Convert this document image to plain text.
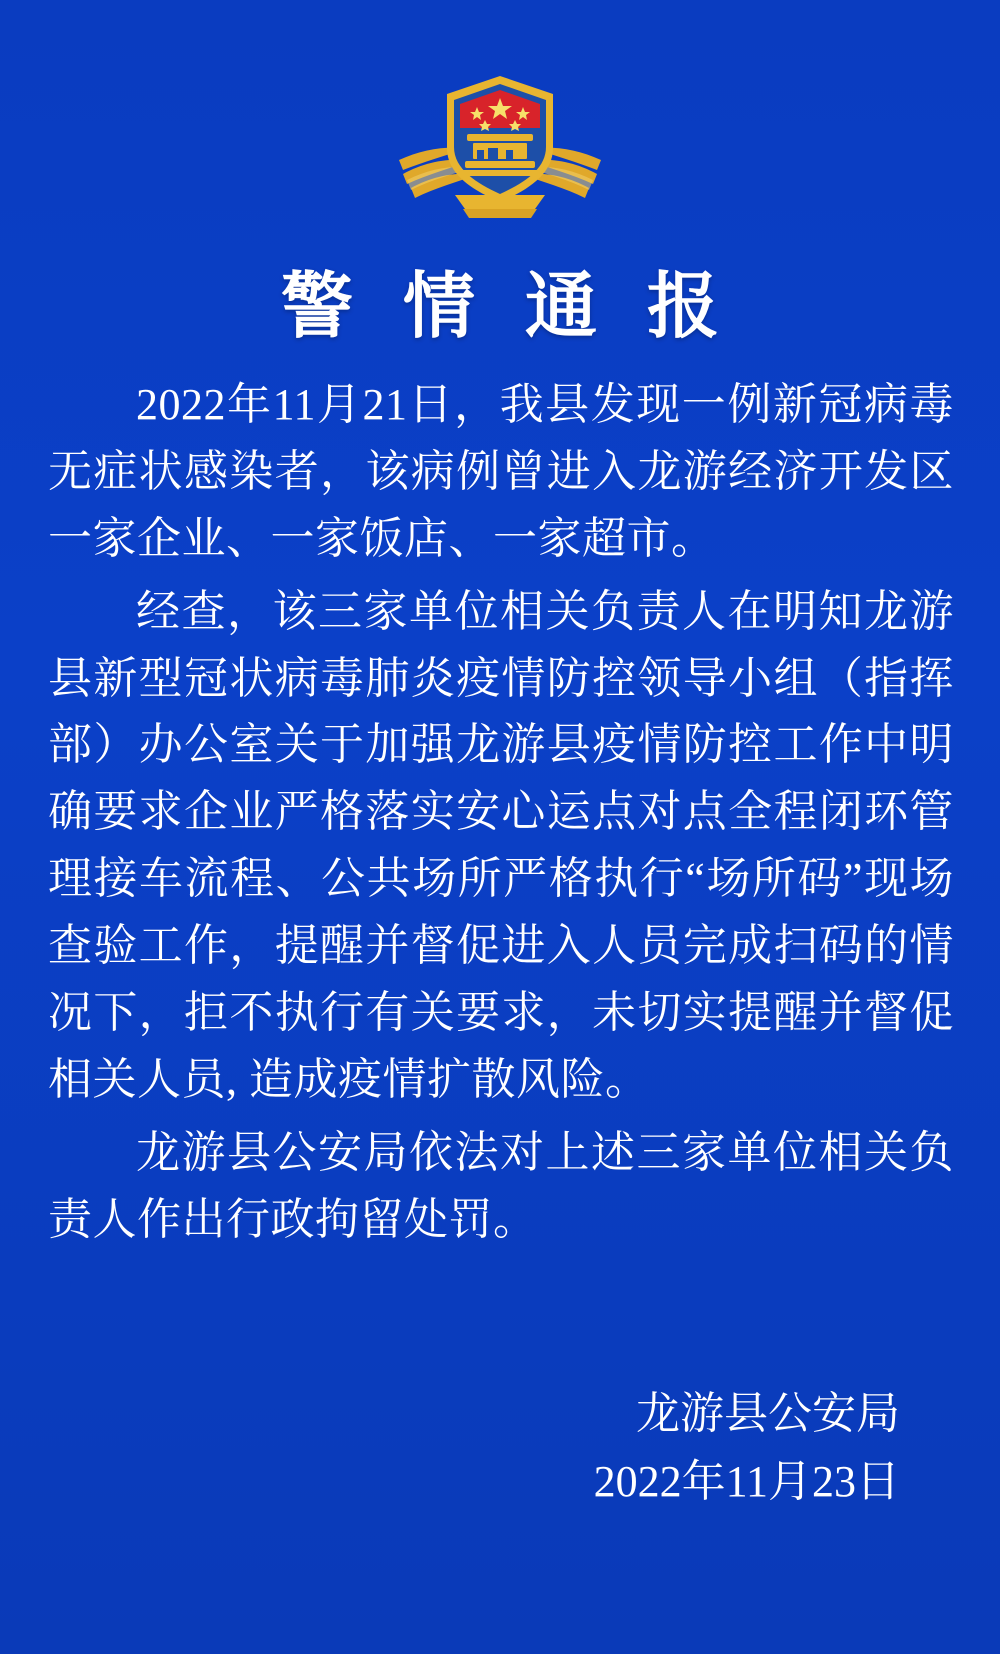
警 情 通 报

2022年11月21日，我县发现一例新冠病毒无症状感染者，该病例曾进入龙游经济开发区一家企业、一家饭店、一家超市。

经查，该三家单位相关负责人在明知龙游县新型冠状病毒肺炎疫情防控领导小组（指挥部）办公室关于加强龙游县疫情防控工作中明确要求企业严格落实安心运点对点全程闭环管理接车流程、公共场所严格执行“场所码”现场查验工作，提醒并督促进入人员完成扫码的情况下，拒不执行有关要求，未切实提醒并督促相关人员, 造成疫情扩散风险。

龙游县公安局依法对上述三家单位相关负责人作出行政拘留处罚。

龙游县公安局
2022年11月23日
